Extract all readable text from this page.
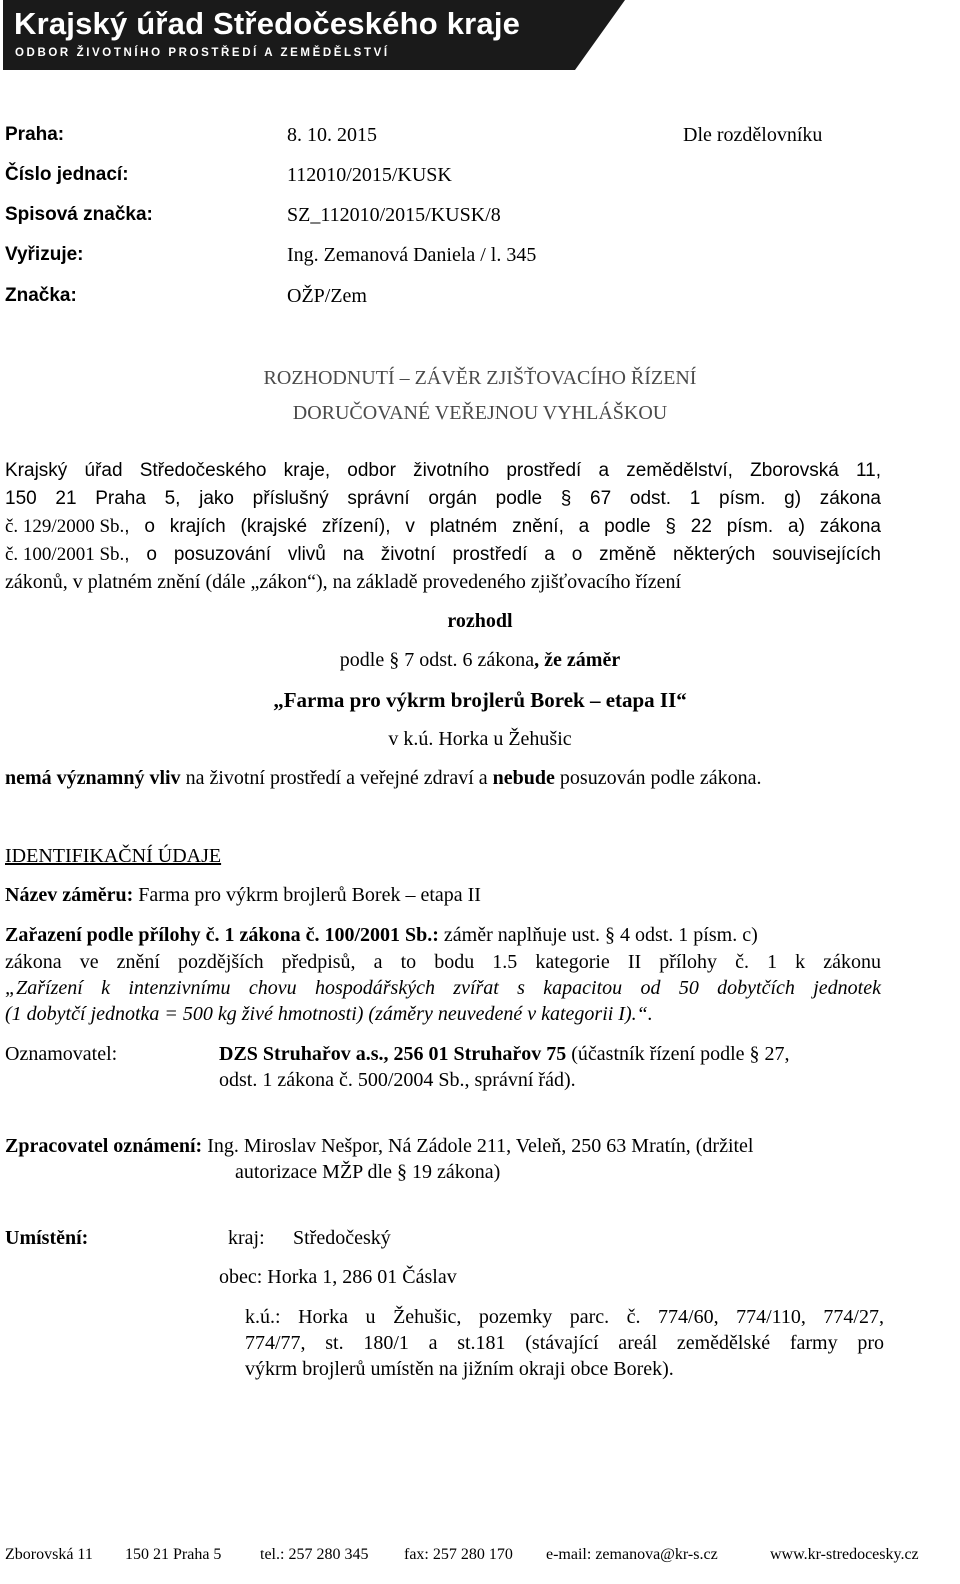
Krajský úřad Středočeského kraje
ODBOR ŽIVOTNÍHO PROSTŘEDÍ A ZEMĚDĚLSTVÍ
Praha:	8. 10. 2015	Dle rozdělovníku
Číslo jednací:	112010/2015/KUSK
Spisová značka:	SZ_112010/2015/KUSK/8
Vyřizuje:	Ing. Zemanová Daniela / l. 345
Značka:	OŽP/Zem
ROZHODNUTÍ – ZÁVĚR ZJIŠŤOVACÍHO ŘÍZENÍ
DORUČOVANÉ VEŘEJNOU VYHLÁŠKOU
Krajský úřad Středočeského kraje, odbor životního prostředí a zemědělství, Zborovská 11,
150 21 Praha 5, jako příslušný správní orgán podle § 67 odst. 1 písm. g) zákona
č. 129/2000 Sb. , o krajích (krajské zřízení), v platném znění, a podle § 22 písm. a) zákona
č. 100/2001 Sb. , o posuzování vlivů na životní prostředí a o změně některých souvisejících
zákonů, v platném znění (dále „zákon“), na základě provedeného zjišťovacího řízení
rozhodl
podle § 7 odst. 6 zákona, že záměr
„Farma pro výkrm brojlerů Borek – etapa II“
v k.ú. Horka u Žehušic
nemá významný vliv na životní prostředí a veřejné zdraví a nebude posuzován podle zákona.
IDENTIFIKAČNÍ ÚDAJE
Název záměru: Farma pro výkrm brojlerů Borek – etapa II
Zařazení podle přílohy č. 1 zákona č. 100/2001 Sb.: záměr naplňuje ust. § 4 odst. 1 písm. c)
zákona ve znění pozdějších předpisů, a to bodu 1.5 kategorie II přílohy č. 1 k zákonu
„Zařízení k intenzivnímu chovu hospodářských zvířat s kapacitou od 50 dobytčích jednotek
(1 dobytčí jednotka = 500 kg živé hmotnosti) (záměry neuvedené v kategorii I).“.
Oznamovatel:	DZS Struhařov a.s., 256 01 Struhařov 75 (účastník řízení podle § 27,
odst. 1 zákona č. 500/2004 Sb., správní řád).
Zpracovatel oznámení: Ing. Miroslav Nešpor, Ná Zádole 211, Veleň, 250 63 Mratín, (držitel
autorizace MŽP dle § 19 zákona)
Umístění:	kraj: Středočeský
obec: Horka 1, 286 01 Čáslav
k.ú.: Horka u Žehušic, pozemky parc. č. 774/60, 774/110, 774/27,
774/77, st. 180/1 a st.181 (stávající areál zemědělské farmy pro
výkrm brojlerů umístěn na jižním okraji obce Borek).
Zborovská 11 150 21 Praha 5 tel.: 257 280 345 fax: 257 280 170 e-mail: zemanova@kr-s.cz	www.kr-stredocesky.cz
